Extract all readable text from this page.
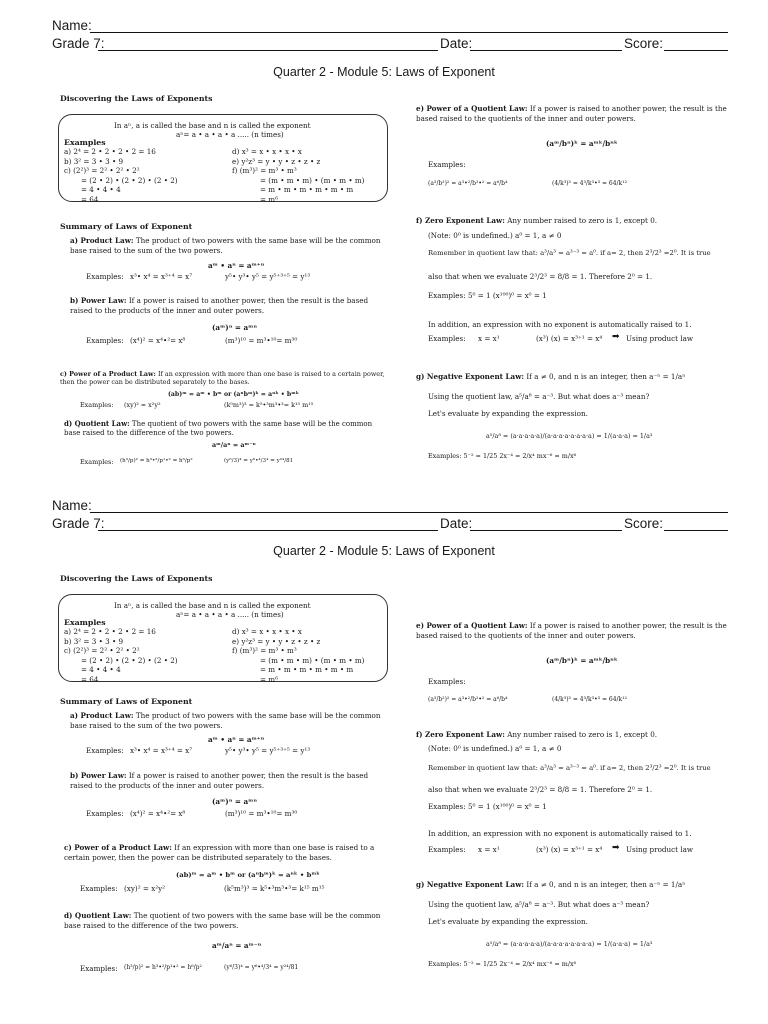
Name:
Grade 7:	Date:	Score:
Quarter 2 - Module 5: Laws of Exponent
Discovering the Laws of Exponents
In aⁿ, a is called the base and n is called the exponent
aⁿ= a • a • a • a ..... (n times)
Examples
a) 2⁴ = 2 • 2 • 2 • 2 = 16
b) 3² = 3 • 3 • 9
c) (2²)³ = 2² • 2² • 2²
= (2 • 2) • (2 • 2) • (2 • 2)
= 4 • 4 • 4
= 64
d) x³ = x • x • x • x
e) y²z³ = y • y • z • z • z
f) (m³)² = m³ • m³
= (m • m • m) • (m • m • m)
= m • m • m • m • m • m
= m⁶
Summary of Laws of Exponent
a) Product Law: The product of two powers with the same base will be the common base raised to the sum of the two powers.
aᵐ • aⁿ = aᵐ⁺ⁿ
Examples: x³• x⁴ = x³⁺⁴ = x⁷	y⁵• y³• y⁵ = y⁵⁺³⁺⁵ = y¹³
b) Power Law: If a power is raised to another power, then the result is the based raised to the products of the inner and outer powers.
(aᵐ)ⁿ = aᵐⁿ
Examples: (x⁴)² = x⁴•²= x⁸	(m³)¹⁰ = m³•¹⁰= m³⁰
c) Power of a Product Law: If an expression with more than one base is raised to a certain power, then the power can be distributed separately to the bases.
(ab)ᵐ = aᵐ • bᵐ or (aⁿbᵐ)ᵏ = aⁿᵏ • bᵐᵏ
Examples: (xy)² = x²y²	(k⁵m³)³ = k⁵•³m³•³= k¹⁵ m¹⁵
d) Quotient Law: The quotient of two powers with the same base will be the common base raised to the difference of the two powers.
aᵐ/aⁿ = aᵐ⁻ⁿ
Examples: (h³/p)² = h³•²/p¹•² = h⁶/p²	(y⁶/3)⁴ = y⁶•⁴/3⁴ = y²⁴/81
e) Power of a Quotient Law: If a power is raised to another power, the result is the based raised to the quotients of the inner and outer powers.
(aᵐ/bⁿ)ᵏ = aᵐᵏ/bⁿᵏ
Examples:
(a³/b²)² = a³•²/b²•² = a⁶/b⁴	(4/k³)³ = 4³/k³•³ = 64/k¹²
f) Zero Exponent Law: Any number raised to zero is 1, except 0.
(Note: 0⁰ is undefined.) a⁰ = 1, a ≠ 0
Remember in quotient law that: a³/a³ = a³⁻³ = a⁰. if a= 2, then 2³/2³ =2⁰. It is true
also that when we evaluate 2³/2³ = 8/8 = 1. Therefore 2⁰ = 1.
Examples: 5⁰ = 1 (x¹⁰⁰)⁰ = x⁰ = 1
In addition, an expression with no exponent is automatically raised to 1.
Examples: x = x¹	(x³) (x) = x³⁺¹ = x⁴ ➡ Using product law
g) Negative Exponent Law: If a ≠ 0, and n is an integer, then a⁻ⁿ = 1/aⁿ
Using the quotient law, a⁵/a⁸ = a⁻³. But what does a⁻³ mean?
Let's evaluate by expanding the expression.
a⁵/a⁸ = (a·a·a·a·a)/(a·a·a·a·a·a·a·a) = 1/(a·a·a) = 1/a³
Examples: 5⁻² = 1/25 2x⁻⁴ = 2/x⁴ mx⁻⁶ = m/x⁶
Name:
Grade 7:	Date:	Score:
Quarter 2 - Module 5: Laws of Exponent
Discovering the Laws of Exponents
In aⁿ, a is called the base and n is called the exponent
aⁿ= a • a • a • a ..... (n times)
Examples
a) 2⁴ = 2 • 2 • 2 • 2 = 16
b) 3² = 3 • 3 • 9
c) (2²)³ = 2² • 2² • 2²
= (2 • 2) • (2 • 2) • (2 • 2)
= 4 • 4 • 4
= 64
d) x³ = x • x • x • x
e) y²z³ = y • y • z • z • z
f) (m³)² = m³ • m³
= (m • m • m) • (m • m • m)
= m • m • m • m • m • m
= m⁶
Summary of Laws of Exponent
a) Product Law: The product of two powers with the same base will be the common base raised to the sum of the two powers.
aᵐ • aⁿ = aᵐ⁺ⁿ
Examples: x³• x⁴ = x³⁺⁴ = x⁷	y⁵• y³• y⁵ = y⁵⁺³⁺⁵ = y¹³
b) Power Law: If a power is raised to another power, then the result is the based raised to the products of the inner and outer powers.
(aᵐ)ⁿ = aᵐⁿ
Examples: (x⁴)² = x⁴•²= x⁸	(m³)¹⁰ = m³•¹⁰= m³⁰
c) Power of a Product Law: If an expression with more than one base is raised to a certain power, then the power can be distributed separately to the bases.
(ab)ᵐ = aᵐ • bᵐ or (aⁿbᵐ)ᵏ = aⁿᵏ • bᵐᵏ
Examples: (xy)² = x²y²	(k⁵m³)³ = k⁵•³m³•³= k¹⁵ m¹⁵
d) Quotient Law: The quotient of two powers with the same base will be the common base raised to the difference of the two powers.
aᵐ/aⁿ = aᵐ⁻ⁿ
Examples: (h³/p)² = h³•²/p¹•² = h⁶/p²	(y⁶/3)⁴ = y⁶•⁴/3⁴ = y²⁴/81
e) Power of a Quotient Law: If a power is raised to another power, the result is the based raised to the quotients of the inner and outer powers.
(aᵐ/bⁿ)ᵏ = aᵐᵏ/bⁿᵏ
Examples:
(a³/b²)² = a³•²/b²•² = a⁶/b⁴	(4/k³)³ = 4³/k³•³ = 64/k¹²
f) Zero Exponent Law: Any number raised to zero is 1, except 0.
(Note: 0⁰ is undefined.) a⁰ = 1, a ≠ 0
Remember in quotient law that: a³/a³ = a³⁻³ = a⁰. if a= 2, then 2³/2³ =2⁰. It is true
also that when we evaluate 2³/2³ = 8/8 = 1. Therefore 2⁰ = 1.
Examples: 5⁰ = 1 (x¹⁰⁰)⁰ = x⁰ = 1
In addition, an expression with no exponent is automatically raised to 1.
Examples: x = x¹	(x³) (x) = x³⁺¹ = x⁴ ➡ Using product law
g) Negative Exponent Law: If a ≠ 0, and n is an integer, then a⁻ⁿ = 1/aⁿ
Using the quotient law, a⁵/a⁸ = a⁻³. But what does a⁻³ mean?
Let's evaluate by expanding the expression.
a⁵/a⁸ = (a·a·a·a·a)/(a·a·a·a·a·a·a·a) = 1/(a·a·a) = 1/a³
Examples: 5⁻² = 1/25 2x⁻⁴ = 2/x⁴ mx⁻⁶ = m/x⁶
